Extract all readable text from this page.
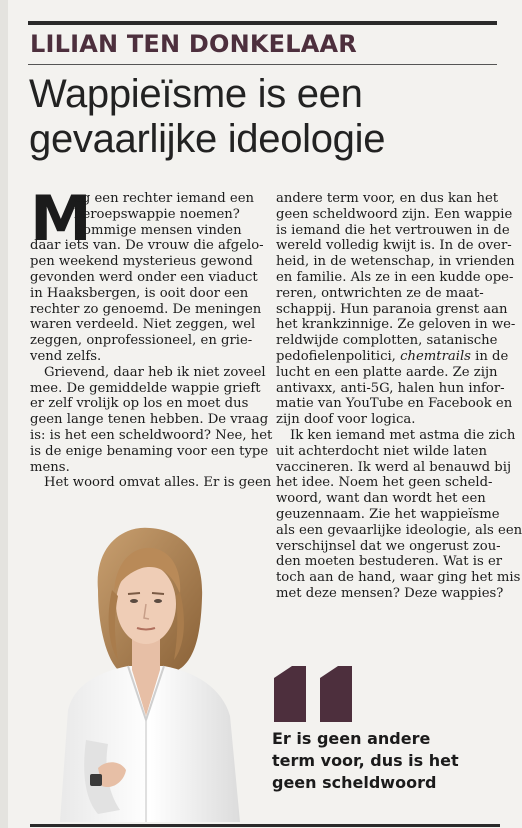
LILIAN TEN DONKELAAR
Wappieïsme is een
gevaarlijke ideologie
M
ag een rechter iemand een
beroepswappie noemen?
Sommige mensen vinden
daar iets van. De vrouw die afgelo-
pen weekend mysterieus gewond
gevonden werd onder een viaduct
in Haaksbergen, is ooit door een
rechter zo genoemd. De meningen
waren verdeeld. Niet zeggen, wel
zeggen, onprofessioneel, en grie-
vend zelfs.
Grievend, daar heb ik niet zoveel
mee. De gemiddelde wappie grieft
er zelf vrolijk op los en moet dus
geen lange tenen hebben. De vraag
is: is het een scheldwoord? Nee, het
is de enige benaming voor een type
mens.
Het woord omvat alles. Er is geen
andere term voor, en dus kan het
geen scheldwoord zijn. Een wappie
is iemand die het vertrouwen in de
wereld volledig kwijt is. In de over-
heid, in de wetenschap, in vrienden
en familie. Als ze in een kudde ope-
reren, ontwrichten ze de maat-
schappij. Hun paranoia grenst aan
het krankzinnige. Ze geloven in we-
reldwijde complotten, satanische
pedofielenpolitici, chemtrails in de
lucht en een platte aarde. Ze zijn
antivaxx, anti-5G, halen hun infor-
matie van YouTube en Facebook en
zijn doof voor logica.
Ik ken iemand met astma die zich
uit achterdocht niet wilde laten
vaccineren. Ik werd al benauwd bij
het idee. Noem het geen scheld-
woord, want dan wordt het een
geuzennaam. Zie het wappieïsme
als een gevaarlijke ideologie, als een
verschijnsel dat we ongerust zou-
den moeten bestuderen. Wat is er
toch aan de hand, waar ging het mis
met deze mensen? Deze wappies?
Er is geen andere
term voor, dus is het
geen scheldwoord
